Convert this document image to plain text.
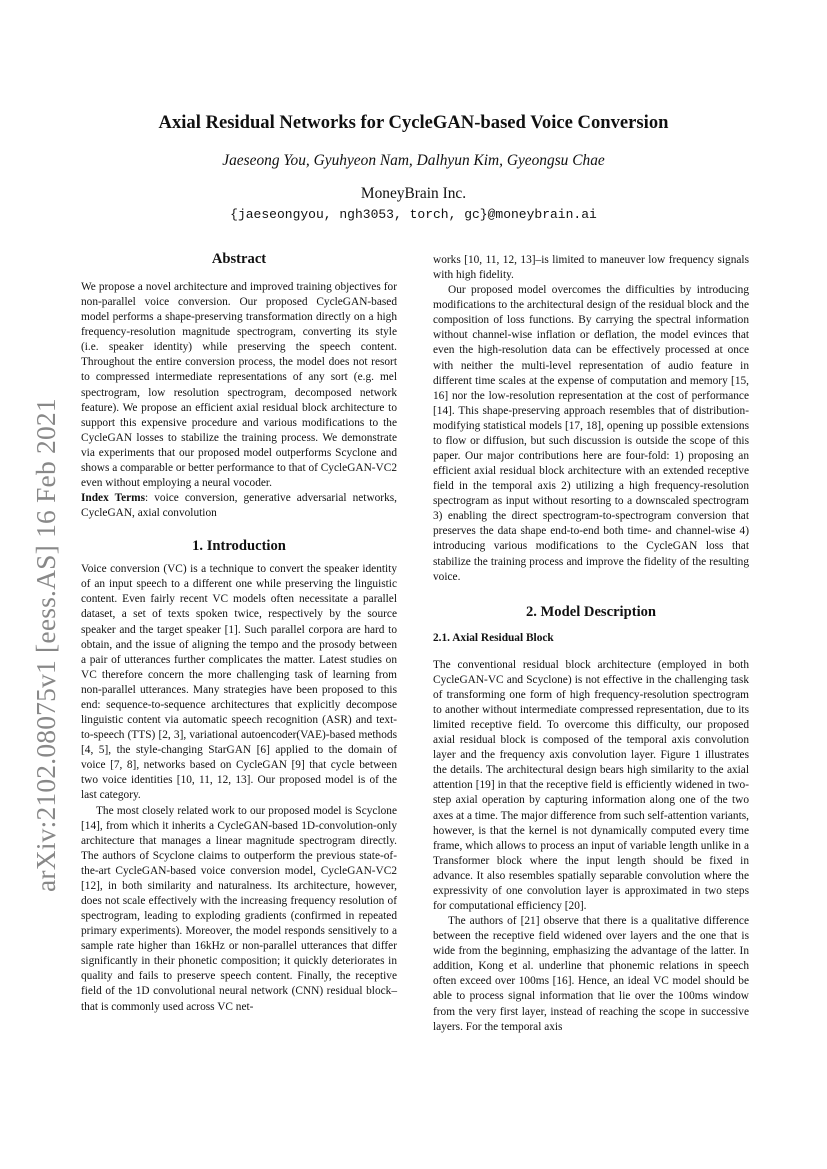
arXiv:2102.08075v1 [eess.AS] 16 Feb 2021
Axial Residual Networks for CycleGAN-based Voice Conversion
Jaeseong You, Gyuhyeon Nam, Dalhyun Kim, Gyeongsu Chae
MoneyBrain Inc.
{jaeseongyou, ngh3053, torch, gc}@moneybrain.ai
Abstract

We propose a novel architecture and improved training objectives for non-parallel voice conversion. Our proposed CycleGAN-based model performs a shape-preserving transformation directly on a high frequency-resolution magnitude spectrogram, converting its style (i.e. speaker identity) while preserving the speech content. Throughout the entire conversion process, the model does not resort to compressed intermediate representations of any sort (e.g. mel spectrogram, low resolution spectrogram, decomposed network feature). We propose an efficient axial residual block architecture to support this expensive procedure and various modifications to the CycleGAN losses to stabilize the training process. We demonstrate via experiments that our proposed model outperforms Scyclone and shows a comparable or better performance to that of CycleGAN-VC2 even without employing a neural vocoder.

Index Terms: voice conversion, generative adversarial networks, CycleGAN, axial convolution

1. Introduction

Voice conversion (VC) is a technique to convert the speaker identity of an input speech to a different one while preserving the linguistic content. Even fairly recent VC models often necessitate a parallel dataset, a set of texts spoken twice, respectively by the source speaker and the target speaker [1]. Such parallel corpora are hard to obtain, and the issue of aligning the tempo and the prosody between a pair of utterances further complicates the matter. Latest studies on VC therefore concern the more challenging task of learning from non-parallel utterances. Many strategies have been proposed to this end: sequence-to-sequence architectures that explicitly decompose linguistic content via automatic speech recognition (ASR) and text-to-speech (TTS) [2, 3], variational autoencoder(VAE)-based methods [4, 5], the style-changing StarGAN [6] applied to the domain of voice [7, 8], networks based on CycleGAN [9] that cycle between two voice identities [10, 11, 12, 13]. Our proposed model is of the last category.

The most closely related work to our proposed model is Scyclone [14], from which it inherits a CycleGAN-based 1D-convolution-only architecture that manages a linear magnitude spectrogram directly. The authors of Scyclone claims to outperform the previous state-of-the-art CycleGAN-based voice conversion model, CycleGAN-VC2 [12], in both similarity and naturalness. Its architecture, however, does not scale effectively with the increasing frequency resolution of spectrogram, leading to exploding gradients (confirmed in repeated primary experiments). Moreover, the model responds sensitively to a sample rate higher than 16kHz or non-parallel utterances that differ significantly in their phonetic composition; it quickly deteriorates in quality and fails to preserve speech content. Finally, the receptive field of the 1D convolutional neural network (CNN) residual block–that is commonly used across VC net-

works [10, 11, 12, 13]–is limited to maneuver low frequency signals with high fidelity.

Our proposed model overcomes the difficulties by introducing modifications to the architectural design of the residual block and the composition of loss functions. By carrying the spectral information without channel-wise inflation or deflation, the model evinces that even the high-resolution data can be effectively processed at once with neither the multi-level representation of audio feature in different time scales at the expense of computation and memory [15, 16] nor the low-resolution representation at the cost of performance [14]. This shape-preserving approach resembles that of distribution-modifying statistical models [17, 18], opening up possible extensions to flow or diffusion, but such discussion is outside the scope of this paper. Our major contributions here are four-fold: 1) proposing an efficient axial residual block architecture with an extended receptive field in the temporal axis 2) utilizing a high frequency-resolution spectrogram as input without resorting to a downscaled spectrogram 3) enabling the direct spectrogram-to-spectrogram conversion that preserves the data shape end-to-end both time- and channel-wise 4) introducing various modifications to the CycleGAN loss that stabilize the training process and improve the fidelity of the resulting voice.

2. Model Description
2.1. Axial Residual Block

The conventional residual block architecture (employed in both CycleGAN-VC and Scyclone) is not effective in the challenging task of transforming one form of high frequency-resolution spectrogram to another without intermediate compressed representation, due to its limited receptive field. To overcome this difficulty, our proposed axial residual block is composed of the temporal axis convolution layer and the frequency axis convolution layer. Figure 1 illustrates the details. The architectural design bears high similarity to the axial attention [19] in that the receptive field is efficiently widened in two-step axial operation by capturing information along one of the two axes at a time. The major difference from such self-attention variants, however, is that the kernel is not dynamically computed every time frame, which allows to process an input of variable length unlike in a Transformer block where the input length should be fixed in advance. It also resembles spatially separable convolution where the expressivity of one convolution layer is approximated in two steps for computational efficiency [20].

The authors of [21] observe that there is a qualitative difference between the receptive field widened over layers and the one that is wide from the beginning, emphasizing the advantage of the latter. In addition, Kong et al. underline that phonemic relations in speech often exceed over 100ms [16]. Hence, an ideal VC model should be able to process signal information that lie over the 100ms window from the very first layer, instead of reaching the scope in successive layers. For the temporal axis
